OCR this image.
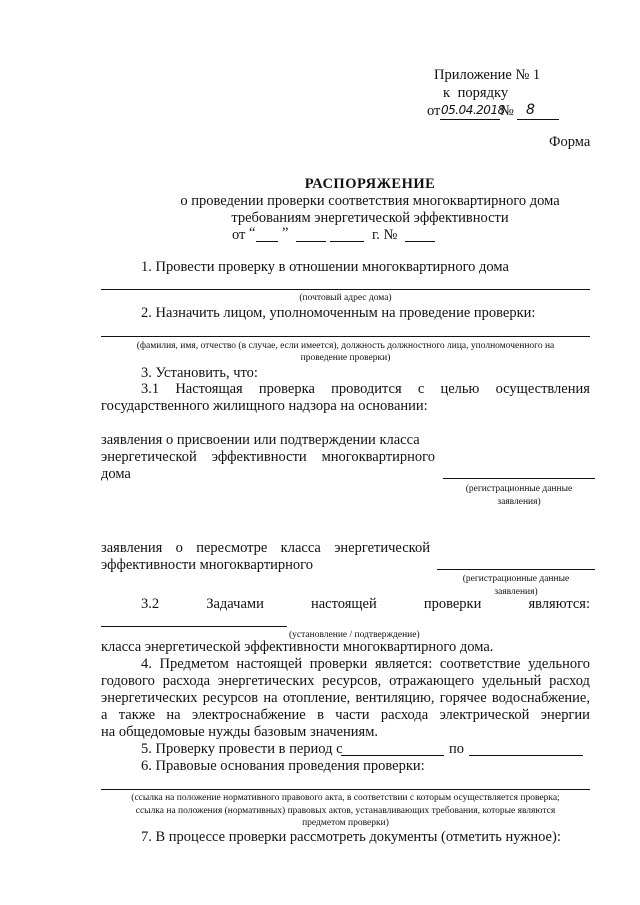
Приложение № 1
к порядку
от 05.04.2018
№ 8
Форма
РАСПОРЯЖЕНИЕ
о проведении проверки соответствия многоквартирного дома
требованиям энергетической эффективности
от “ ”	г. №
1. Провести проверку в отношении многоквартирного дома
(почтовый адрес дома)
2. Назначить лицом, уполномоченным на проведение проверки:
(фамилия, имя, отчество (в случае, если имеется), должность должностного лица, уполномоченного на
проведение проверки)
3. Установить, что:
3.1 Настоящая проверка проводится с целью осуществления
государственного жилищного надзора на основании:
заявления о присвоении или подтверждении класса
энергетической эффективности многоквартирного
дома
(регистрационные данные
заявления)
заявления о пересмотре класса энергетической
эффективности многоквартирного
(регистрационные данные
заявления)
3.2	Задачами	настоящей	проверки	являются:
(установление / подтверждение)
класса энергетической эффективности многоквартирного дома.
4. Предметом настоящей проверки является: соответствие удельного
годового расхода энергетических ресурсов, отражающего удельный расход
энергетических ресурсов на отопление, вентиляцию, горячее водоснабжение,
а также на электроснабжение в части расхода электрической энергии
на общедомовые нужды базовым значениям.
5. Проверку провести в период с	по
6. Правовые основания проведения проверки:
(ссылка на положение нормативного правового акта, в соответствии с которым осуществляется проверка;
ссылка на положения (нормативных) правовых актов, устанавливающих требования, которые являются
предметом проверки)
7. В процессе проверки рассмотреть документы (отметить нужное):
